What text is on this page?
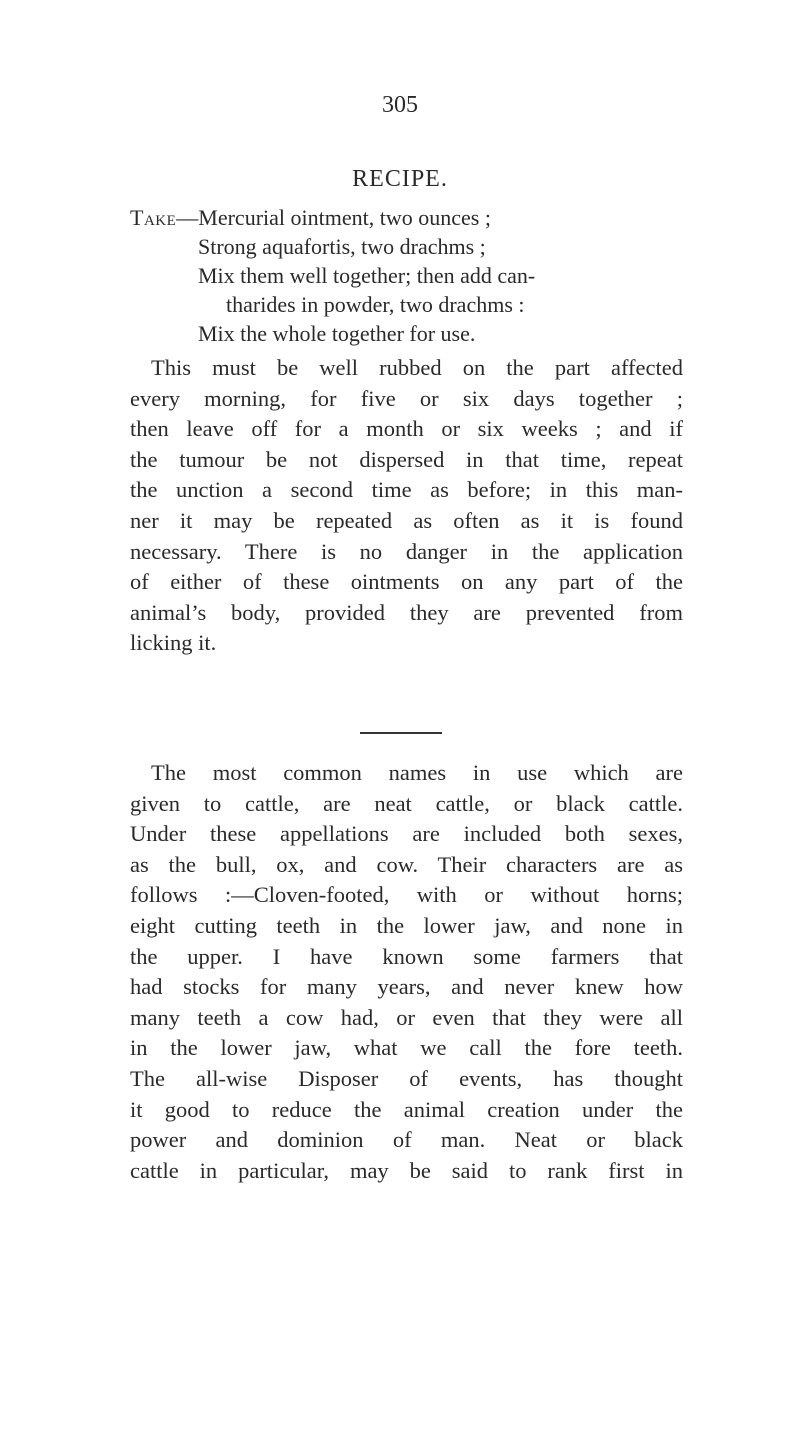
305
RECIPE.
Take—Mercurial ointment, two ounces ;
Strong aquafortis, two drachms ;
Mix them well together; then add can-
tharides in powder, two drachms :
Mix the whole together for use.
This must be well rubbed on the part affected
every morning, for five or six days together ;
then leave off for a month or six weeks ; and if
the tumour be not dispersed in that time, repeat
the unction a second time as before; in this man-
ner it may be repeated as often as it is found
necessary. There is no danger in the application
of either of these ointments on any part of the
animal’s body, provided they are prevented from
licking it.
The most common names in use which are
given to cattle, are neat cattle, or black cattle.
Under these appellations are included both sexes,
as the bull, ox, and cow. Their characters are as
follows :—Cloven-footed, with or without horns;
eight cutting teeth in the lower jaw, and none in
the upper. I have known some farmers that
had stocks for many years, and never knew how
many teeth a cow had, or even that they were all
in the lower jaw, what we call the fore teeth.
The all-wise Disposer of events, has thought
it good to reduce the animal creation under the
power and dominion of man. Neat or black
cattle in particular, may be said to rank first in
